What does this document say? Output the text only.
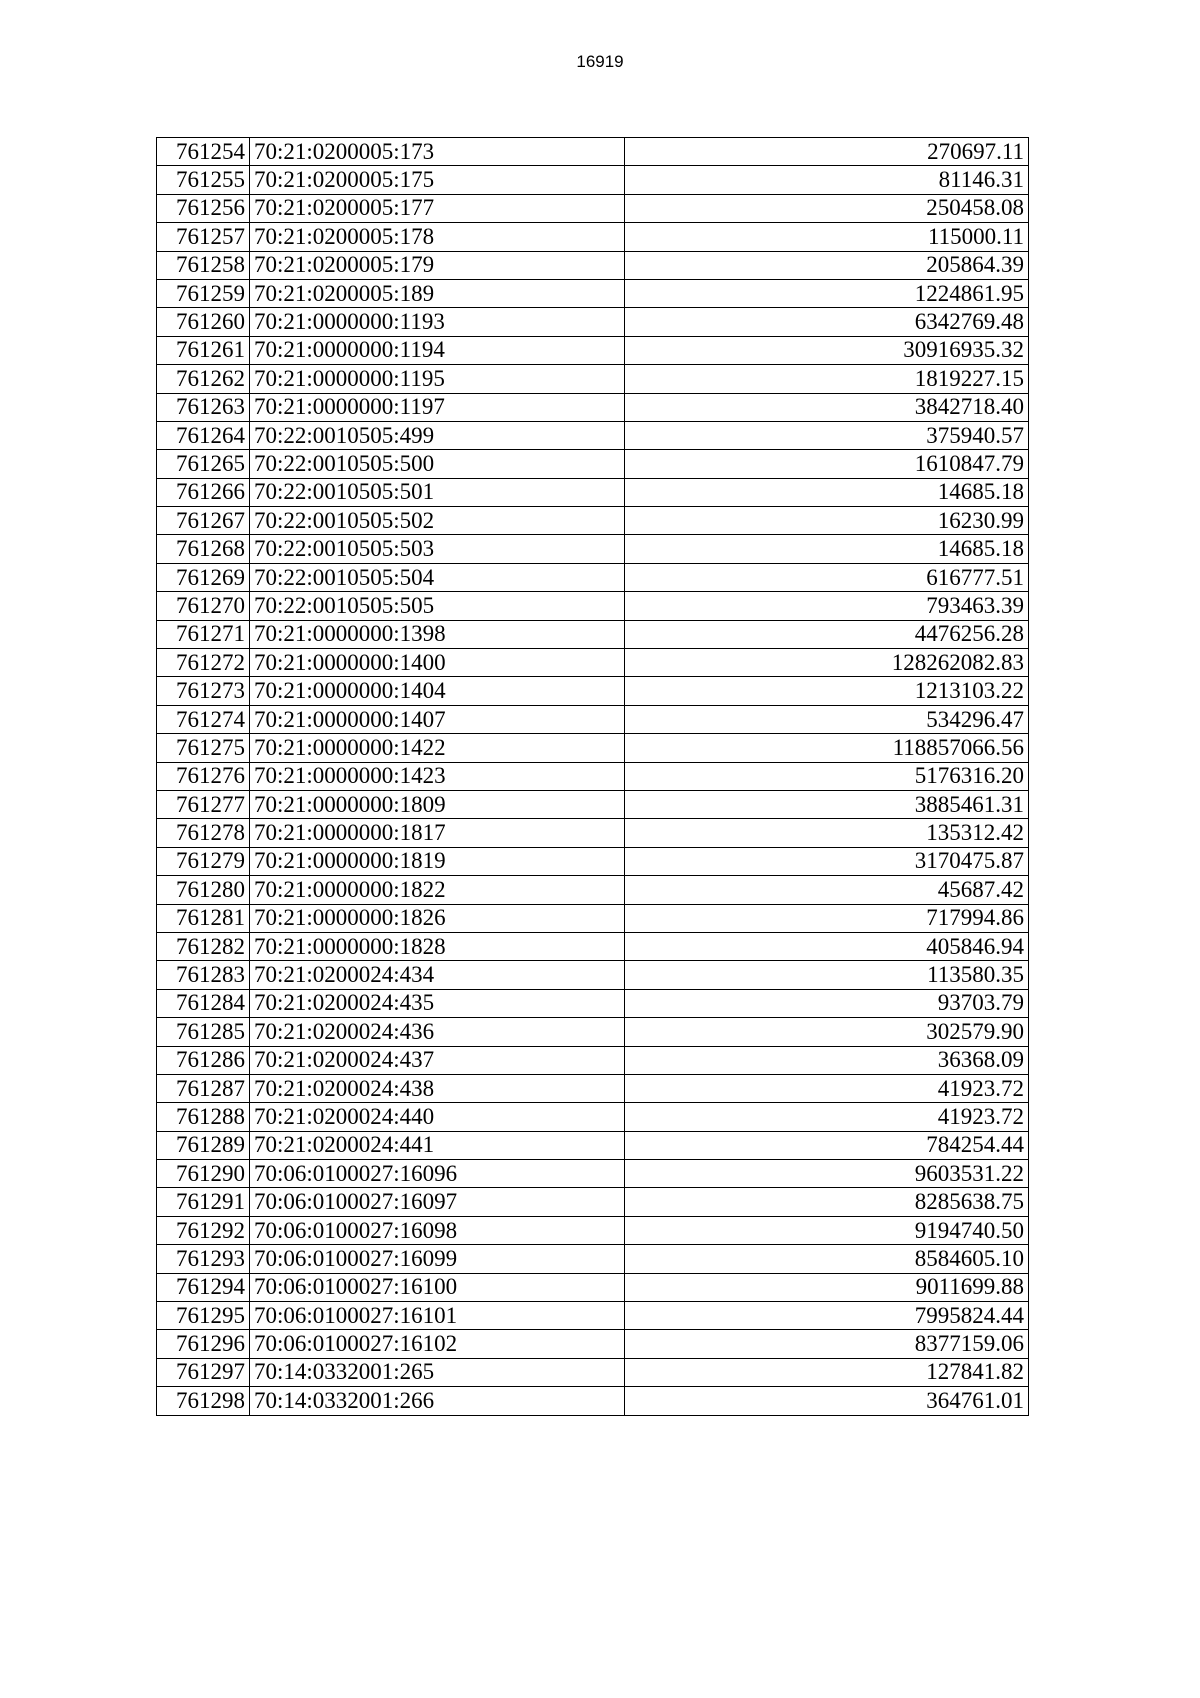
16919
761254	70:21:0200005:173	270697.11
761255	70:21:0200005:175	81146.31
761256	70:21:0200005:177	250458.08
761257	70:21:0200005:178	115000.11
761258	70:21:0200005:179	205864.39
761259	70:21:0200005:189	1224861.95
761260	70:21:0000000:1193	6342769.48
761261	70:21:0000000:1194	30916935.32
761262	70:21:0000000:1195	1819227.15
761263	70:21:0000000:1197	3842718.40
761264	70:22:0010505:499	375940.57
761265	70:22:0010505:500	1610847.79
761266	70:22:0010505:501	14685.18
761267	70:22:0010505:502	16230.99
761268	70:22:0010505:503	14685.18
761269	70:22:0010505:504	616777.51
761270	70:22:0010505:505	793463.39
761271	70:21:0000000:1398	4476256.28
761272	70:21:0000000:1400	128262082.83
761273	70:21:0000000:1404	1213103.22
761274	70:21:0000000:1407	534296.47
761275	70:21:0000000:1422	118857066.56
761276	70:21:0000000:1423	5176316.20
761277	70:21:0000000:1809	3885461.31
761278	70:21:0000000:1817	135312.42
761279	70:21:0000000:1819	3170475.87
761280	70:21:0000000:1822	45687.42
761281	70:21:0000000:1826	717994.86
761282	70:21:0000000:1828	405846.94
761283	70:21:0200024:434	113580.35
761284	70:21:0200024:435	93703.79
761285	70:21:0200024:436	302579.90
761286	70:21:0200024:437	36368.09
761287	70:21:0200024:438	41923.72
761288	70:21:0200024:440	41923.72
761289	70:21:0200024:441	784254.44
761290	70:06:0100027:16096	9603531.22
761291	70:06:0100027:16097	8285638.75
761292	70:06:0100027:16098	9194740.50
761293	70:06:0100027:16099	8584605.10
761294	70:06:0100027:16100	9011699.88
761295	70:06:0100027:16101	7995824.44
761296	70:06:0100027:16102	8377159.06
761297	70:14:0332001:265	127841.82
761298	70:14:0332001:266	364761.01
